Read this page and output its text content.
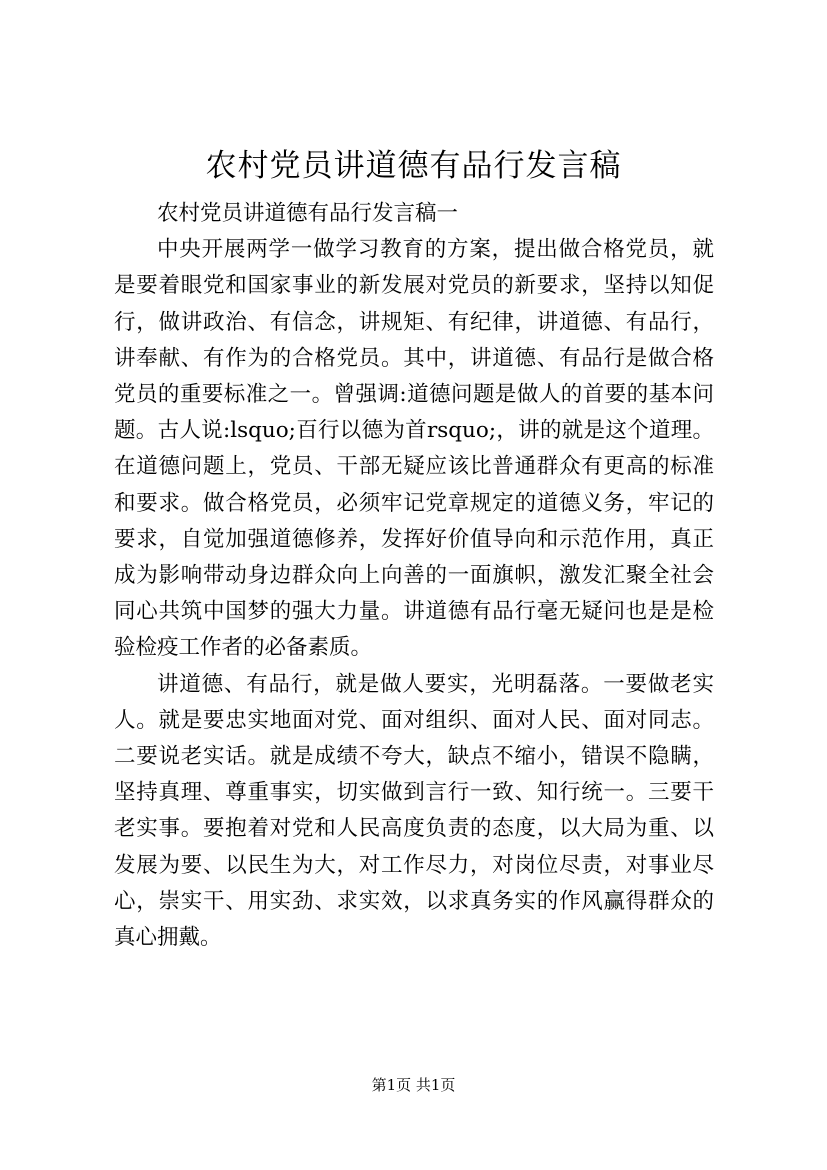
农村党员讲道德有品行发言稿

农村党员讲道德有品行发言稿一

中央开展两学一做学习教育的方案，提出做合格党员，就是要着眼党和国家事业的新发展对党员的新要求，坚持以知促行，做讲政治、有信念，讲规矩、有纪律，讲道德、有品行，讲奉献、有作为的合格党员。其中，讲道德、有品行是做合格党员的重要标准之一。曾强调:道德问题是做人的首要的基本问题。古人说:lsquo;百行以德为首rsquo;，讲的就是这个道理。在道德问题上，党员、干部无疑应该比普通群众有更高的标准和要求。做合格党员，必须牢记党章规定的道德义务，牢记的要求，自觉加强道德修养，发挥好价值导向和示范作用，真正成为影响带动身边群众向上向善的一面旗帜，激发汇聚全社会同心共筑中国梦的强大力量。讲道德有品行毫无疑问也是是检验检疫工作者的必备素质。

讲道德、有品行，就是做人要实，光明磊落。一要做老实人。就是要忠实地面对党、面对组织、面对人民、面对同志。二要说老实话。就是成绩不夸大，缺点不缩小，错误不隐瞒，坚持真理、尊重事实，切实做到言行一致、知行统一。三要干老实事。要抱着对党和人民高度负责的态度，以大局为重、以发展为要、以民生为大，对工作尽力，对岗位尽责，对事业尽心，崇实干、用实劲、求实效，以求真务实的作风赢得群众的真心拥戴。

第1页 共1页
